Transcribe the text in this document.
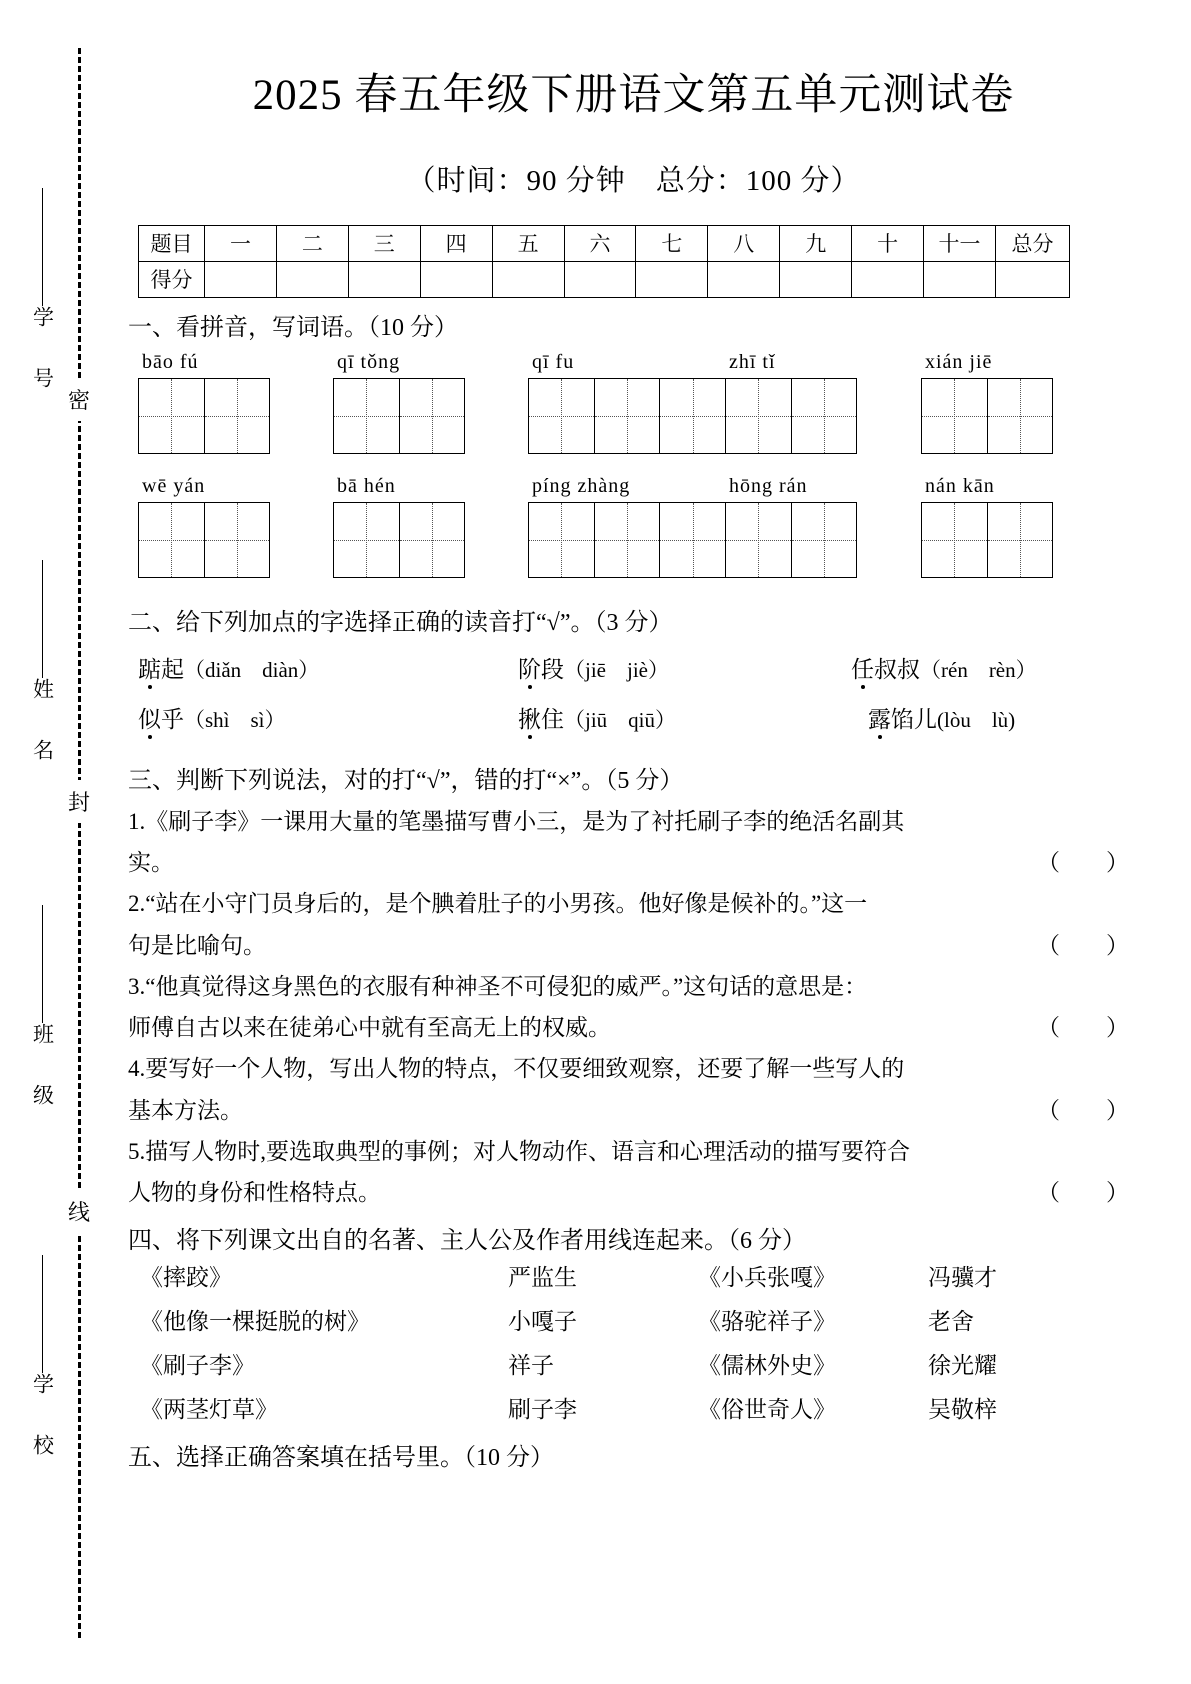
密
封
线
学 号
姓 名
班 级
学 校
2025 春五年级下册语文第五单元测试卷
（时间：90 分钟　总分：100 分）
题目	一	二	三	四	五	六	七	八	九	十	十一	总分
得分												
一、看拼音，写词语。（10 分）
bāo fú	qī tǒng	qī fu	zhī tǐ	xián jiē
wē yán	bā hén	píng zhàng	hōng rán	nán kān
二、给下列加点的字选择正确的读音打“√”。（3 分）
踮起（diǎn　diàn）	阶段（jiē　jiè）	任叔叔（rén　rèn）
似乎（shì　sì）	揪住（jiū　qiū）	露馅儿(lòu　lù)
三、判断下列说法，对的打“√”，错的打“×”。（5 分）
1.《刷子李》一课用大量的笔墨描写曹小三，是为了衬托刷子李的绝活名副其
实。	（　　）
2.“站在小守门员身后的，是个腆着肚子的小男孩。他好像是候补的。”这一
句是比喻句。	（　　）
3.“他真觉得这身黑色的衣服有种神圣不可侵犯的威严。”这句话的意思是：
师傅自古以来在徒弟心中就有至高无上的权威。	（　　）
4.要写好一个人物，写出人物的特点，不仅要细致观察，还要了解一些写人的
基本方法。	（　　）
5.描写人物时,要选取典型的事例；对人物动作、语言和心理活动的描写要符合
人物的身份和性格特点。	（　　）
四、将下列课文出自的名著、主人公及作者用线连起来。（6 分）
《摔跤》	严监生	《小兵张嘎》	冯骥才
《他像一棵挺脱的树》	小嘎子	《骆驼祥子》	老舍
《刷子李》	祥子	《儒林外史》	徐光耀
《两茎灯草》	刷子李	《俗世奇人》	吴敬梓
五、选择正确答案填在括号里。（10 分）
